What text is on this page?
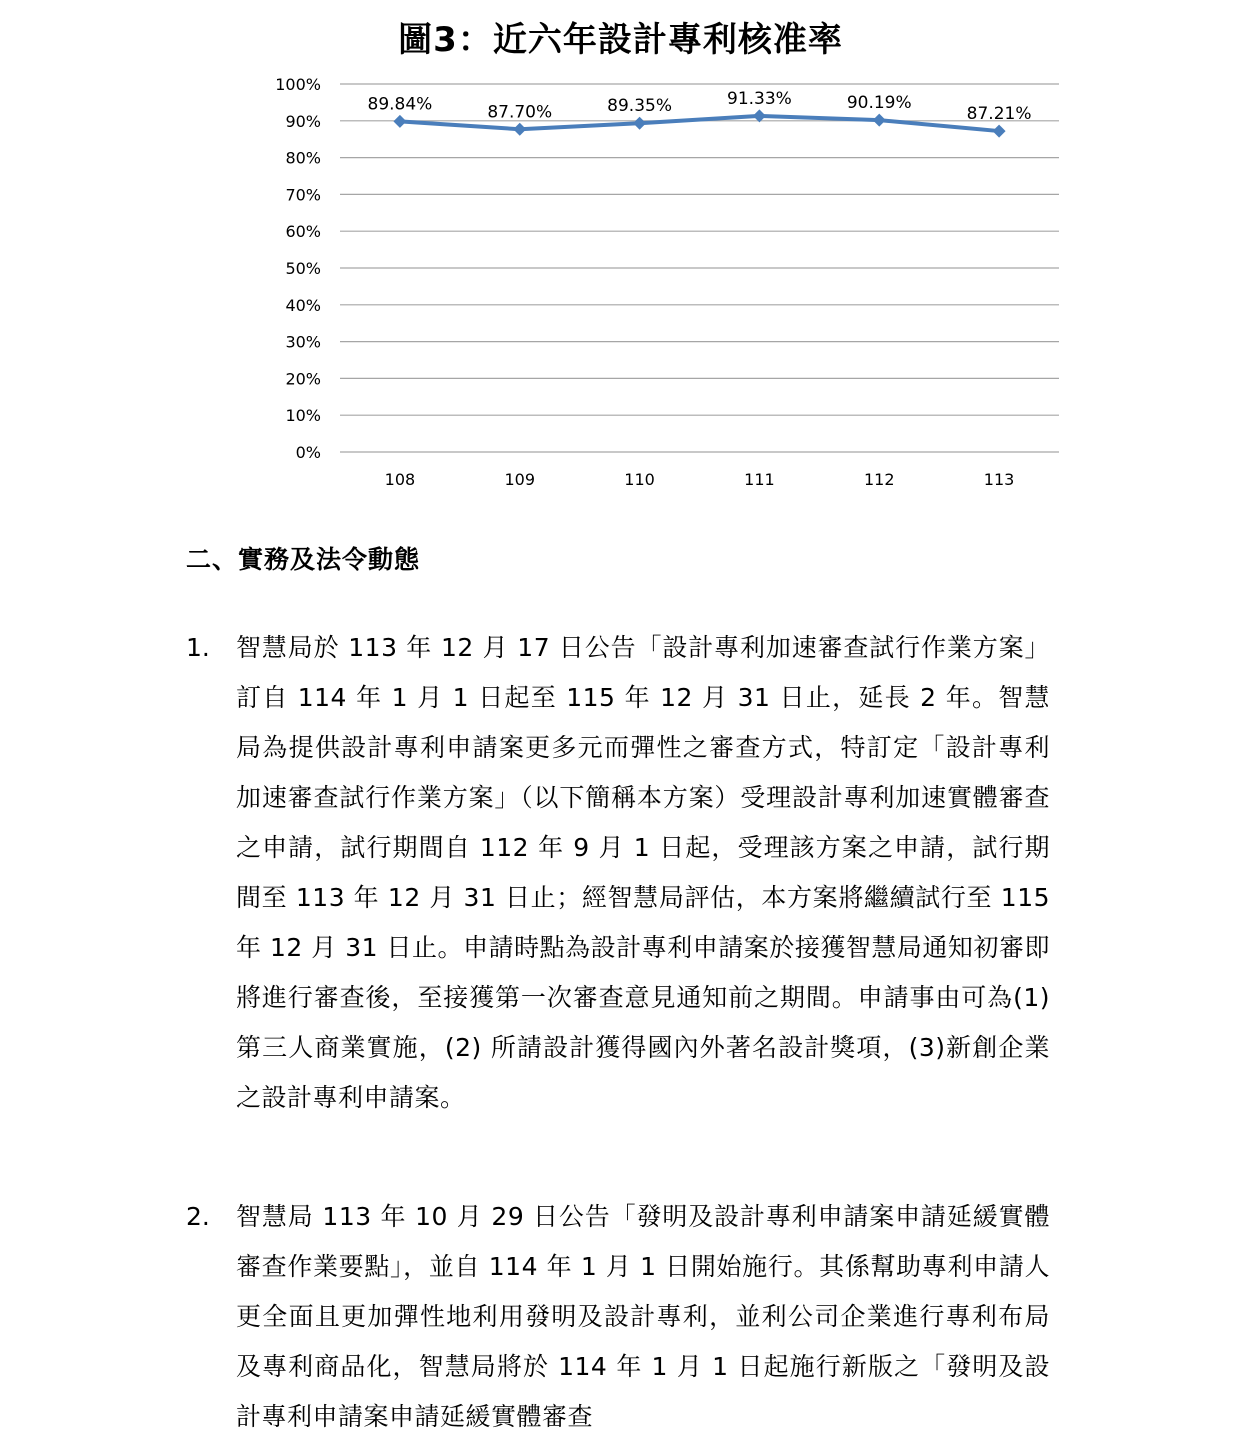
圖3：近六年設計專利核准率
0%
10%
20%
30%
40%
50%
60%
70%
80%
90%
100%
108	109	110	111	112	113
89.84%	87.70%	89.35%	91.33%	90.19%
87.21%
二、實務及法令動態
1. 智慧局於 113 年 12 月 17 日公告「設計專利加速審查試行作業方案」訂自 114 年 1 月 1 日起至 115 年 12 月 31 日止，延長 2 年。智慧局為提供設計專利申請案更多元而彈性之審查方式，特訂定「設計專利加速審查試行作業方案」（以下簡稱本方案）受理設計專利加速實體審查之申請，試行期間自 112 年 9 月 1 日起，受理該方案之申請，試行期間至 113 年 12 月 31 日止；經智慧局評估，本方案將繼續試行至 115 年 12 月 31 日止。申請時點為設計專利申請案於接獲智慧局通知初審即將進行審查後，至接獲第一次審查意見通知前之期間。申請事由可為(1)第三人商業實施，(2) 所請設計獲得國內外著名設計獎項，(3)新創企業之設計專利申請案。
2. 智慧局 113 年 10 月 29 日公告「發明及設計專利申請案申請延緩實體審查作業要點」，並自 114 年 1 月 1 日開始施行。其係幫助專利申請人更全面且更加彈性地利用發明及設計專利，並利公司企業進行專利布局及專利商品化，智慧局將於 114 年 1 月 1 日起施行新版之「發明及設計專利申請案申請延緩實體審查
